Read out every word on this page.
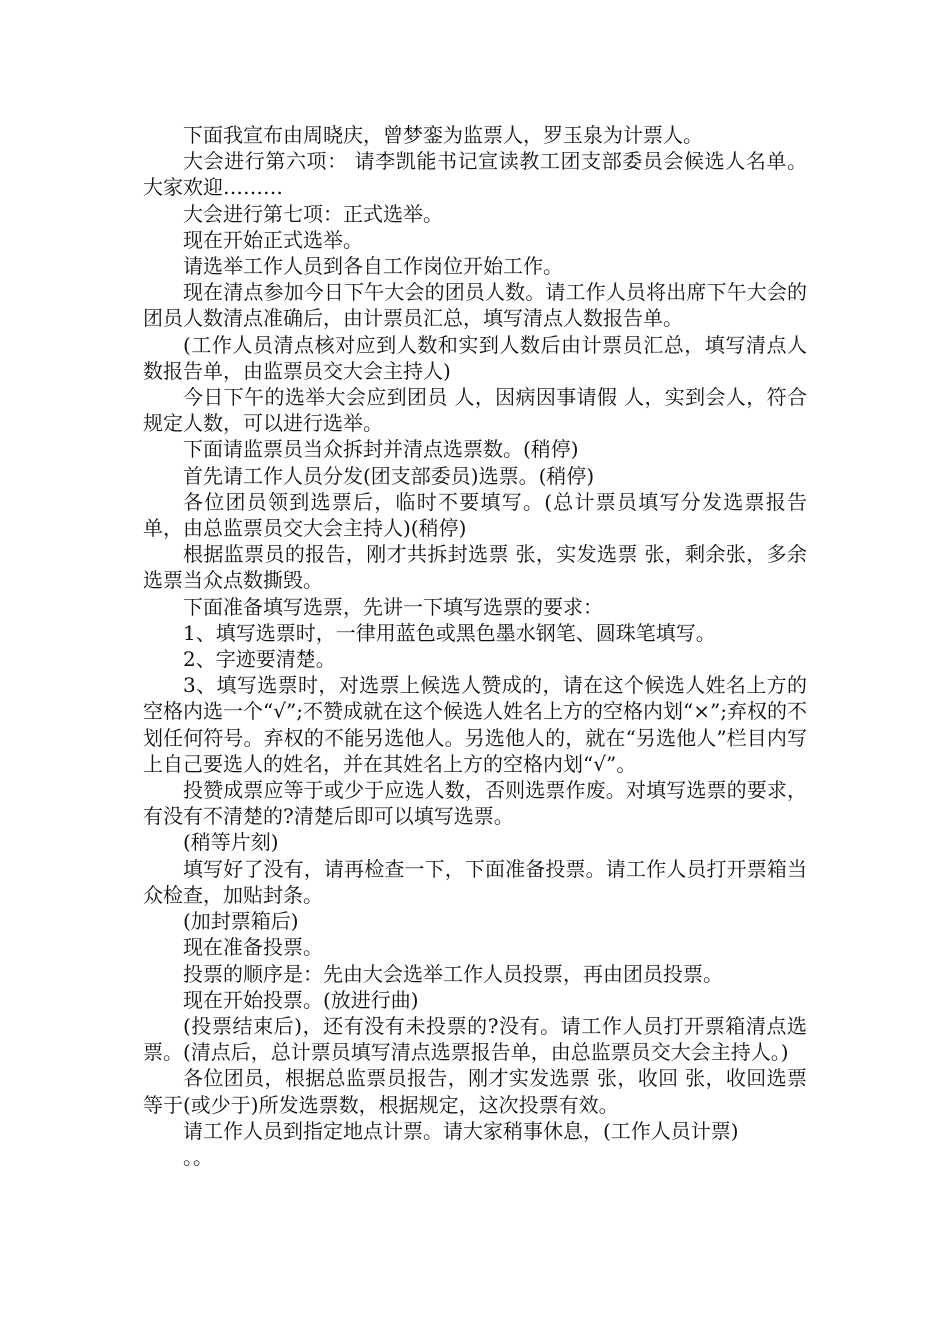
下面我宣布由周晓庆，曾梦銮为监票人，罗玉泉为计票人。

大会进行第六项： 请李凯能书记宣读教工团支部委员会候选人名单。大家欢迎………

大会进行第七项：正式选举。

现在开始正式选举。

请选举工作人员到各自工作岗位开始工作。

现在清点参加今日下午大会的团员人数。请工作人员将出席下午大会的团员人数清点准确后，由计票员汇总，填写清点人数报告单。

(工作人员清点核对应到人数和实到人数后由计票员汇总，填写清点人数报告单，由监票员交大会主持人)

今日下午的选举大会应到团员 人，因病因事请假 人，实到会人，符合规定人数，可以进行选举。

下面请监票员当众拆封并清点选票数。(稍停)

首先请工作人员分发(团支部委员)选票。(稍停)

各位团员领到选票后，临时不要填写。(总计票员填写分发选票报告单，由总监票员交大会主持人)(稍停)

根据监票员的报告，刚才共拆封选票 张，实发选票 张，剩余张，多余选票当众点数撕毁。

下面准备填写选票，先讲一下填写选票的要求：

1、填写选票时，一律用蓝色或黑色墨水钢笔、圆珠笔填写。

2、字迹要清楚。

3、填写选票时，对选票上候选人赞成的，请在这个候选人姓名上方的空格内选一个“√”;不赞成就在这个候选人姓名上方的空格内划“×”;弃权的不划任何符号。弃权的不能另选他人。另选他人的，就在“另选他人”栏目内写上自己要选人的姓名，并在其姓名上方的空格内划“√”。

投赞成票应等于或少于应选人数，否则选票作废。对填写选票的要求，有没有不清楚的?清楚后即可以填写选票。

(稍等片刻)

填写好了没有，请再检查一下，下面准备投票。请工作人员打开票箱当众检查，加贴封条。

(加封票箱后)

现在准备投票。

投票的顺序是：先由大会选举工作人员投票，再由团员投票。

现在开始投票。(放进行曲)

(投票结束后)，还有没有未投票的?没有。请工作人员打开票箱清点选票。(清点后，总计票员填写清点选票报告单，由总监票员交大会主持人。)

各位团员，根据总监票员报告，刚才实发选票 张，收回 张，收回选票等于(或少于)所发选票数，根据规定，这次投票有效。

请工作人员到指定地点计票。请大家稍事休息，(工作人员计票)

。。
